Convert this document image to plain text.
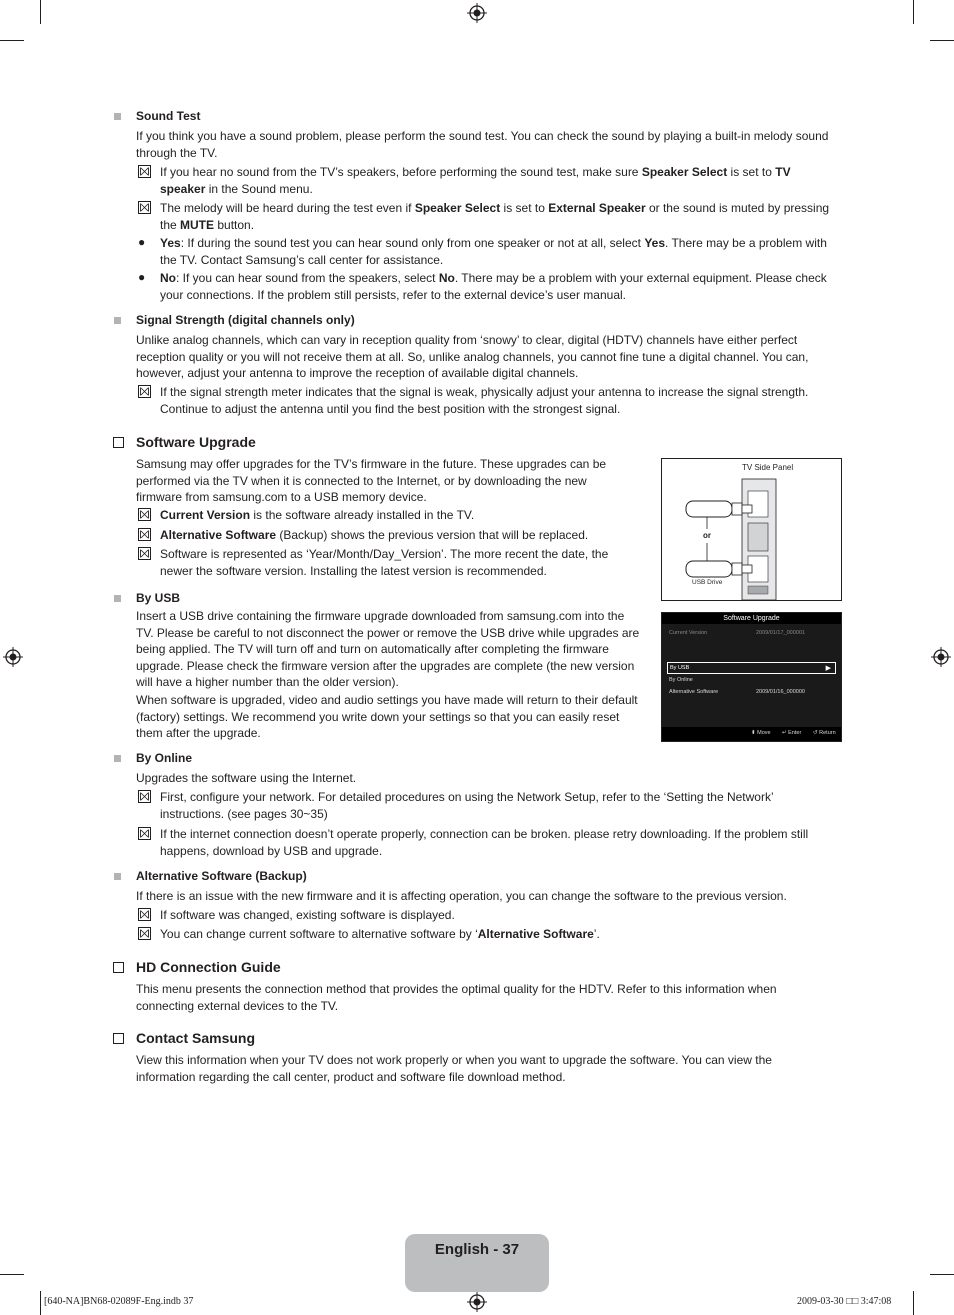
Sound Test

If you think you have a sound problem, please perform the sound test. You can check the sound by playing a built-in melody sound through the TV.

If you hear no sound from the TV’s speakers, before performing the sound test, make sure Speaker Select is set to TV speaker in the Sound menu.

The melody will be heard during the test even if Speaker Select is set to External Speaker or the sound is muted by pressing the MUTE button.

● Yes: If during the sound test you can hear sound only from one speaker or not at all, select Yes. There may be a problem with the TV. Contact Samsung’s call center for assistance.

● No: If you can hear sound from the speakers, select No. There may be a problem with your external equipment. Please check your connections. If the problem still persists, refer to the external device’s user manual.

Signal Strength (digital channels only)

Unlike analog channels, which can vary in reception quality from ‘snowy’ to clear, digital (HDTV) channels have either perfect reception quality or you will not receive them at all. So, unlike analog channels, you cannot fine tune a digital channel. You can, however, adjust your antenna to improve the reception of available digital channels.

If the signal strength meter indicates that the signal is weak, physically adjust your antenna to increase the signal strength. Continue to adjust the antenna until you find the best position with the strongest signal.

Software Upgrade

Samsung may offer upgrades for the TV’s firmware in the future. These upgrades can be performed via the TV when it is connected to the Internet, or by downloading the new firmware from samsung.com to a USB memory device.

Current Version is the software already installed in the TV.

Alternative Software (Backup) shows the previous version that will be replaced.

Software is represented as ‘Year/Month/Day_Version’. The more recent the date, the newer the software version. Installing the latest version is recommended.

TV Side Panel
or
USB Drive
Software Upgrade
Current Version	2009/01/17_000001
By USB	▶
By Online
Alternative Software	2009/01/16_000000
⬍ Move ↵ Enter ↺ Return
By USB

Insert a USB drive containing the firmware upgrade downloaded from samsung.com into the TV. Please be careful to not disconnect the power or remove the USB drive while upgrades are being applied. The TV will turn off and turn on automatically after completing the firmware upgrade. Please check the firmware version after the upgrades are complete (the new version will have a higher number than the older version).

When software is upgraded, video and audio settings you have made will return to their default (factory) settings. We recommend you write down your settings so that you can easily reset them after the upgrade.

By Online

Upgrades the software using the Internet.

First, configure your network. For detailed procedures on using the Network Setup, refer to the ‘Setting the Network’ instructions. (see pages 30~35)

If the internet connection doesn’t operate properly, connection can be broken. please retry downloading. If the problem still happens, download by USB and upgrade.

Alternative Software (Backup)

If there is an issue with the new firmware and it is affecting operation, you can change the software to the previous version.

If software was changed, existing software is displayed.

You can change current software to alternative software by ‘Alternative Software’.

HD Connection Guide

This menu presents the connection method that provides the optimal quality for the HDTV. Refer to this information when connecting external devices to the TV.

Contact Samsung

View this information when your TV does not work properly or when you want to upgrade the software. You can view the information regarding the call center, product and software file download method.

English - 37
[640-NA]BN68-02089F-Eng.indb 37	2009-03-30 □□ 3:47:08
